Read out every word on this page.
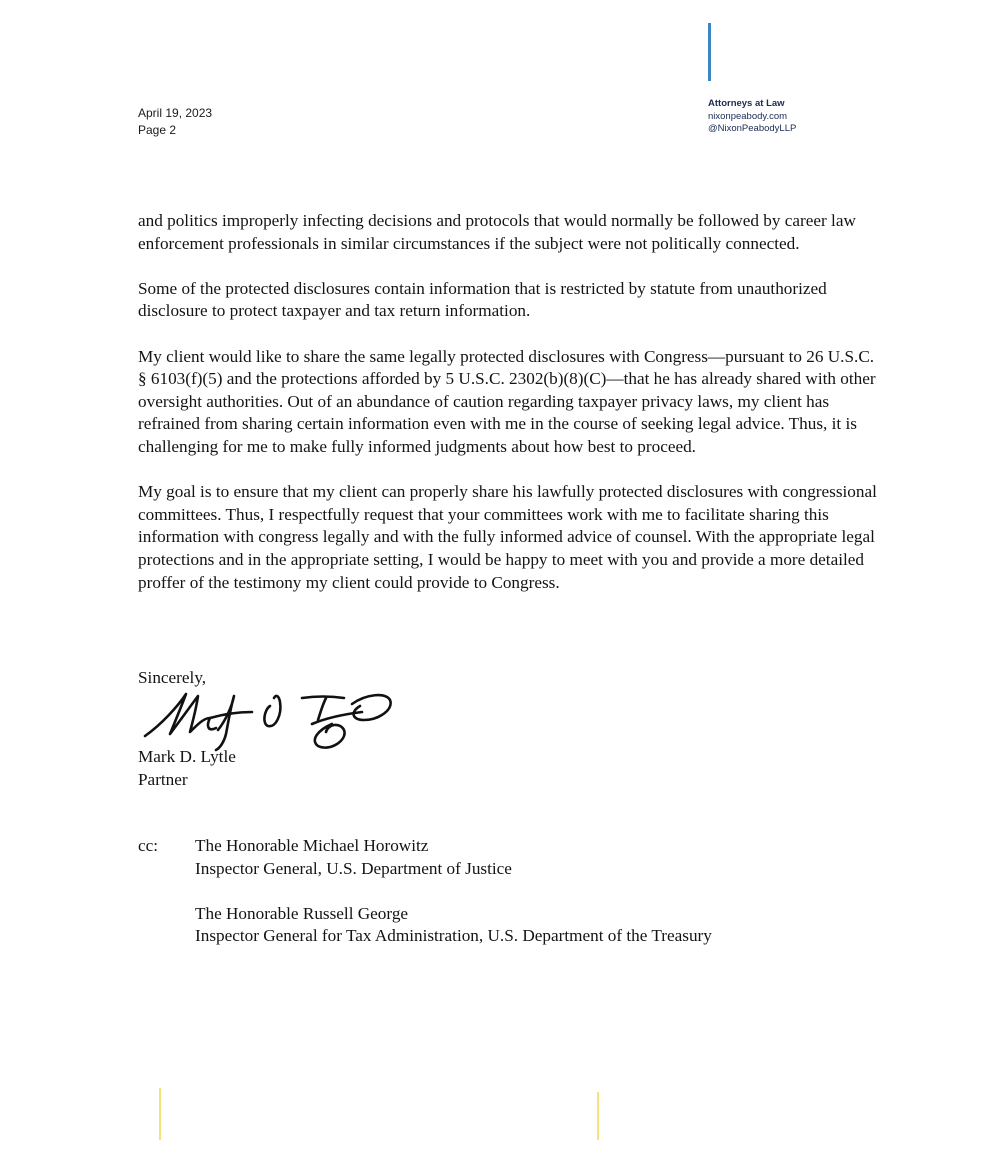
April 19, 2023
Page 2
Attorneys at Law
nixonpeabody.com
@NixonPeabodyLLP

and politics improperly infecting decisions and protocols that would normally be followed by career law enforcement professionals in similar circumstances if the subject were not politically connected.

Some of the protected disclosures contain information that is restricted by statute from unauthorized disclosure to protect taxpayer and tax return information.

My client would like to share the same legally protected disclosures with Congress—pursuant to 26 U.S.C. § 6103(f)(5) and the protections afforded by 5 U.S.C. 2302(b)(8)(C)—that he has already shared with other oversight authorities. Out of an abundance of caution regarding taxpayer privacy laws, my client has refrained from sharing certain information even with me in the course of seeking legal advice. Thus, it is challenging for me to make fully informed judgments about how best to proceed.

My goal is to ensure that my client can properly share his lawfully protected disclosures with congressional committees. Thus, I respectfully request that your committees work with me to facilitate sharing this information with congress legally and with the fully informed advice of counsel. With the appropriate legal protections and in the appropriate setting, I would be happy to meet with you and provide a more detailed proffer of the testimony my client could provide to Congress.

Sincerely,
Mark D. Lytle
Partner
cc: The Honorable Michael Horowitz
Inspector General, U.S. Department of Justice
The Honorable Russell George
Inspector General for Tax Administration, U.S. Department of the Treasury
